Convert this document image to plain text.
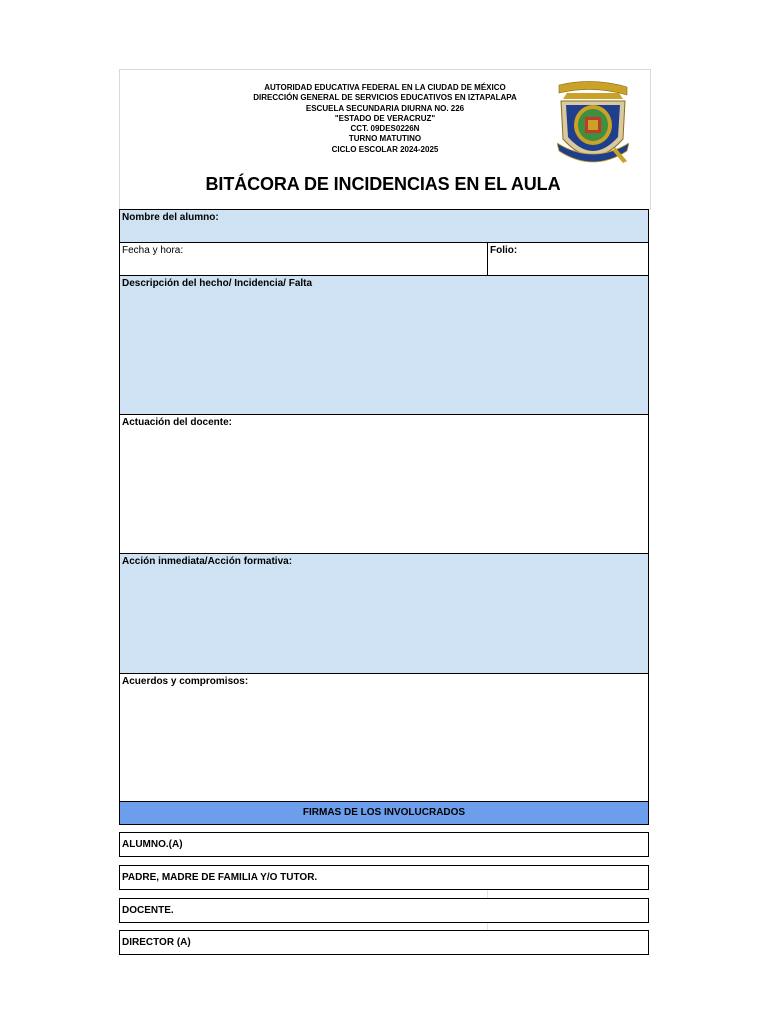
AUTORIDAD EDUCATIVA FEDERAL EN LA CIUDAD DE MÉXICO
DIRECCIÓN GENERAL DE SERVICIOS EDUCATIVOS EN IZTAPALAPA
ESCUELA SECUNDARIA DIURNA NO. 226
"ESTADO DE VERACRUZ"
CCT. 09DES0226N
TURNO MATUTINO
CICLO ESCOLAR 2024-2025
BITÁCORA DE INCIDENCIAS EN EL AULA
Nombre del alumno:
Fecha y hora:	Folio:
Descripción del hecho/ Incidencia/ Falta
Actuación del docente:
Acción inmediata/Acción formativa:
Acuerdos y compromisos:
FIRMAS DE LOS INVOLUCRADOS
ALUMNO.(A)
PADRE, MADRE DE FAMILIA Y/O TUTOR.
DOCENTE.
DIRECTOR (A)
